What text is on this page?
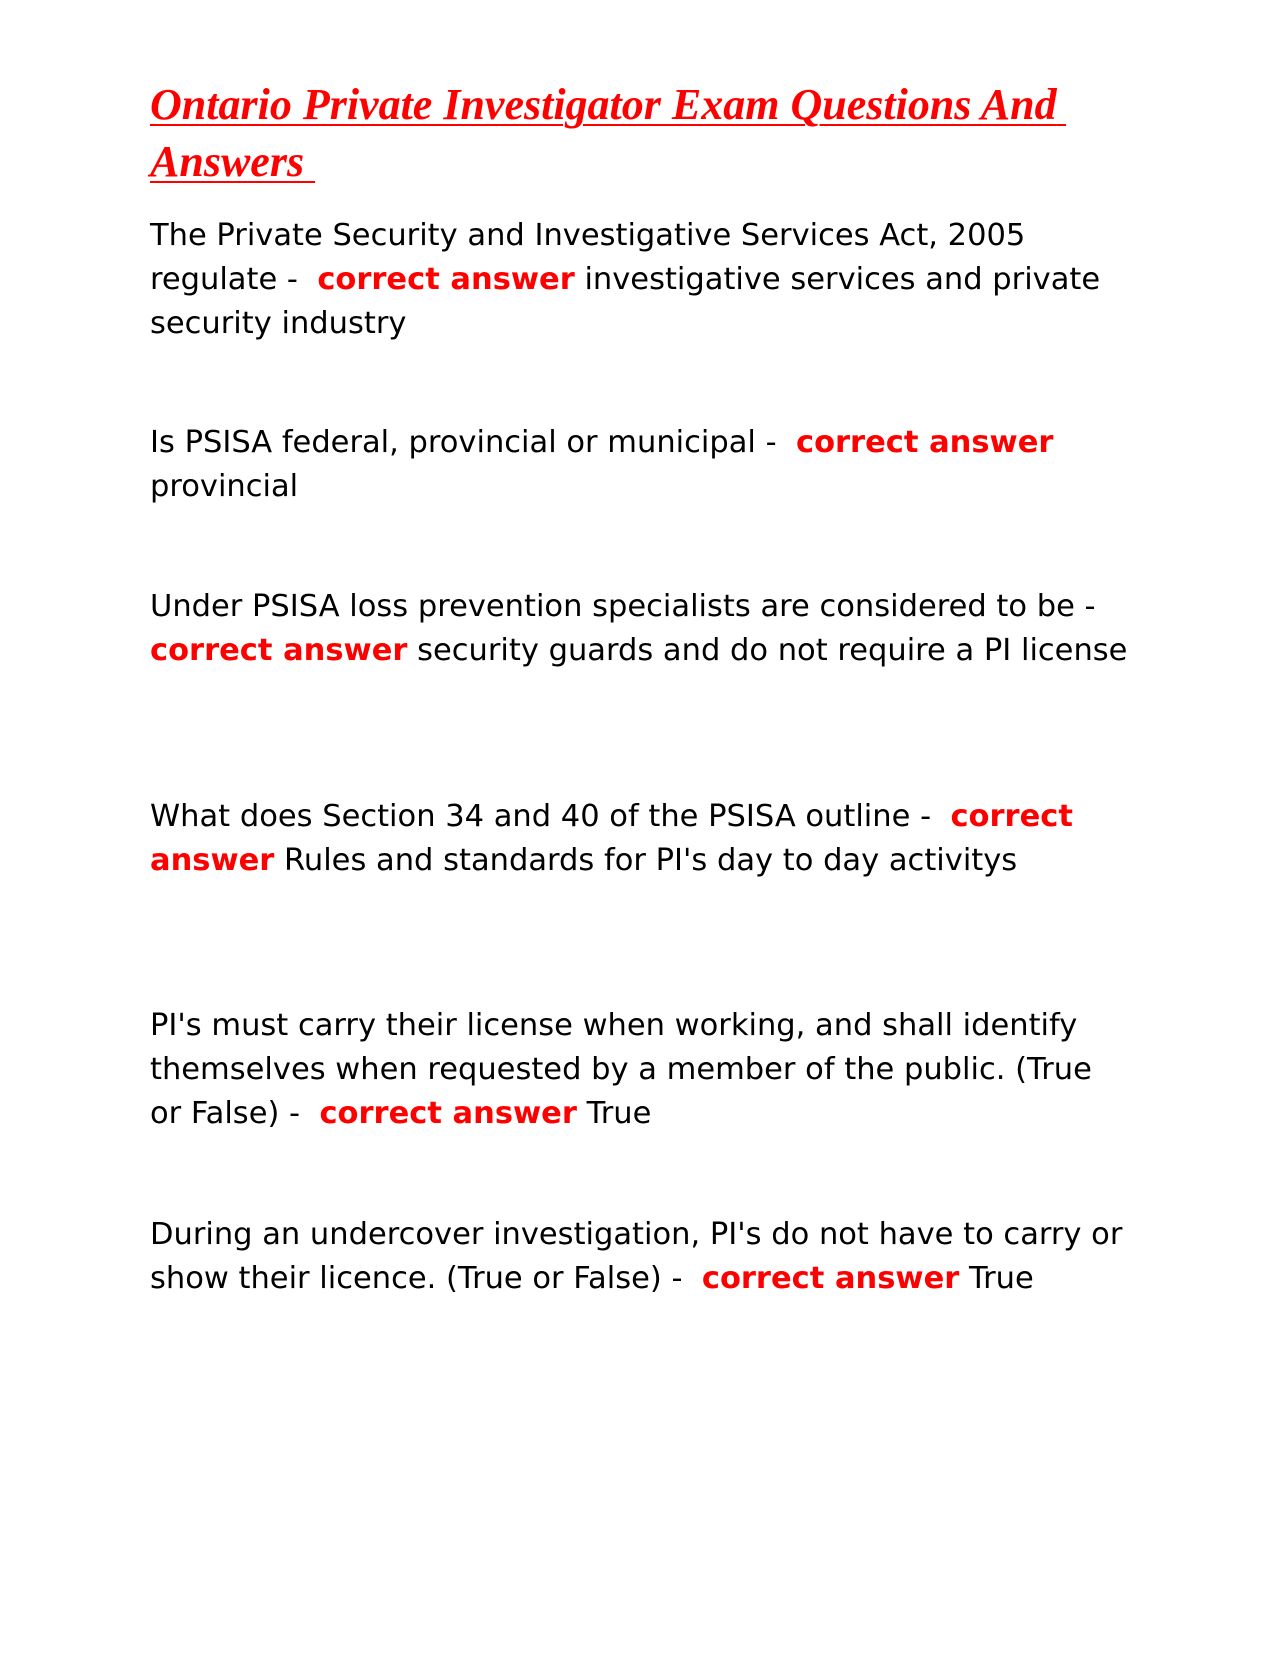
Ontario Private Investigator Exam Questions And Answers

The Private Security and Investigative Services Act, 2005 regulate -  correct answer investigative services and private security industry

Is PSISA federal, provincial or municipal -  correct answer provincial

Under PSISA loss prevention specialists are considered to be -  correct answer security guards and do not require a PI license

What does Section 34 and 40 of the PSISA outline -  correct answer Rules and standards for PI's day to day activitys

PI's must carry their license when working, and shall identify themselves when requested by a member of the public. (True or False) -  correct answer True

During an undercover investigation, PI's do not have to carry or show their licence. (True or False) -  correct answer True
